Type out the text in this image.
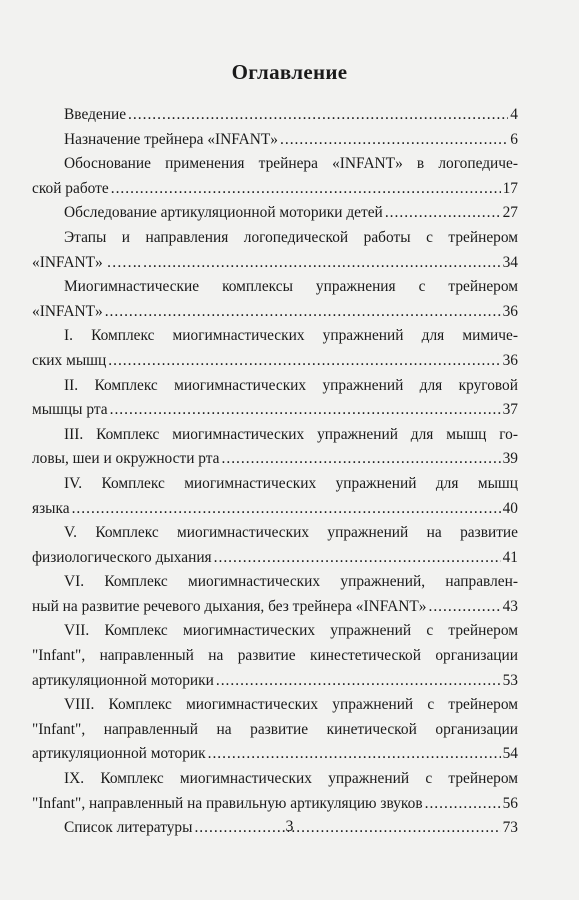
Оглавление
Введение .....	4
Назначение трейнера «INFANT» .....	6
Обоснование применения трейнера «INFANT» в логопедиче-
ской работе .....	17
Обследование артикуляционной моторики детей .....	27
Этапы и направления логопедической работы с трейнером
«INFANT» ……. .....	34
Миогимнастические комплексы упражнения с трейнером
«INFANT» .....	36
I. Комплекс миогимнастических упражнений для мимиче-
ских мышц .....	36
II. Комплекс миогимнастических упражнений для круговой
мышцы рта .....	37
III. Комплекс миогимнастических упражнений для мышц го-
ловы, шеи и окружности рта .....	39
IV. Комплекс миогимнастических упражнений для мышц
языка .....	40
V. Комплекс миогимнастических упражнений на развитие
физиологического дыхания .....	41
VI. Комплекс миогимнастических упражнений, направлен-
ный на развитие речевого дыхания, без трейнера «INFANT» .....	43
VII. Комплекс миогимнастических упражнений с трейнером
"Infant", направленный на развитие кинестетической организации
артикуляционной моторики .....	53
VIII. Комплекс миогимнастических упражнений с трейнером
"Infant", направленный на развитие кинетической организации
артикуляционной моторик .....	54
IX. Комплекс миогимнастических упражнений с трейнером
"Infant", направленный на правильную артикуляцию звуков .....	56
Список литературы .....	73
3
